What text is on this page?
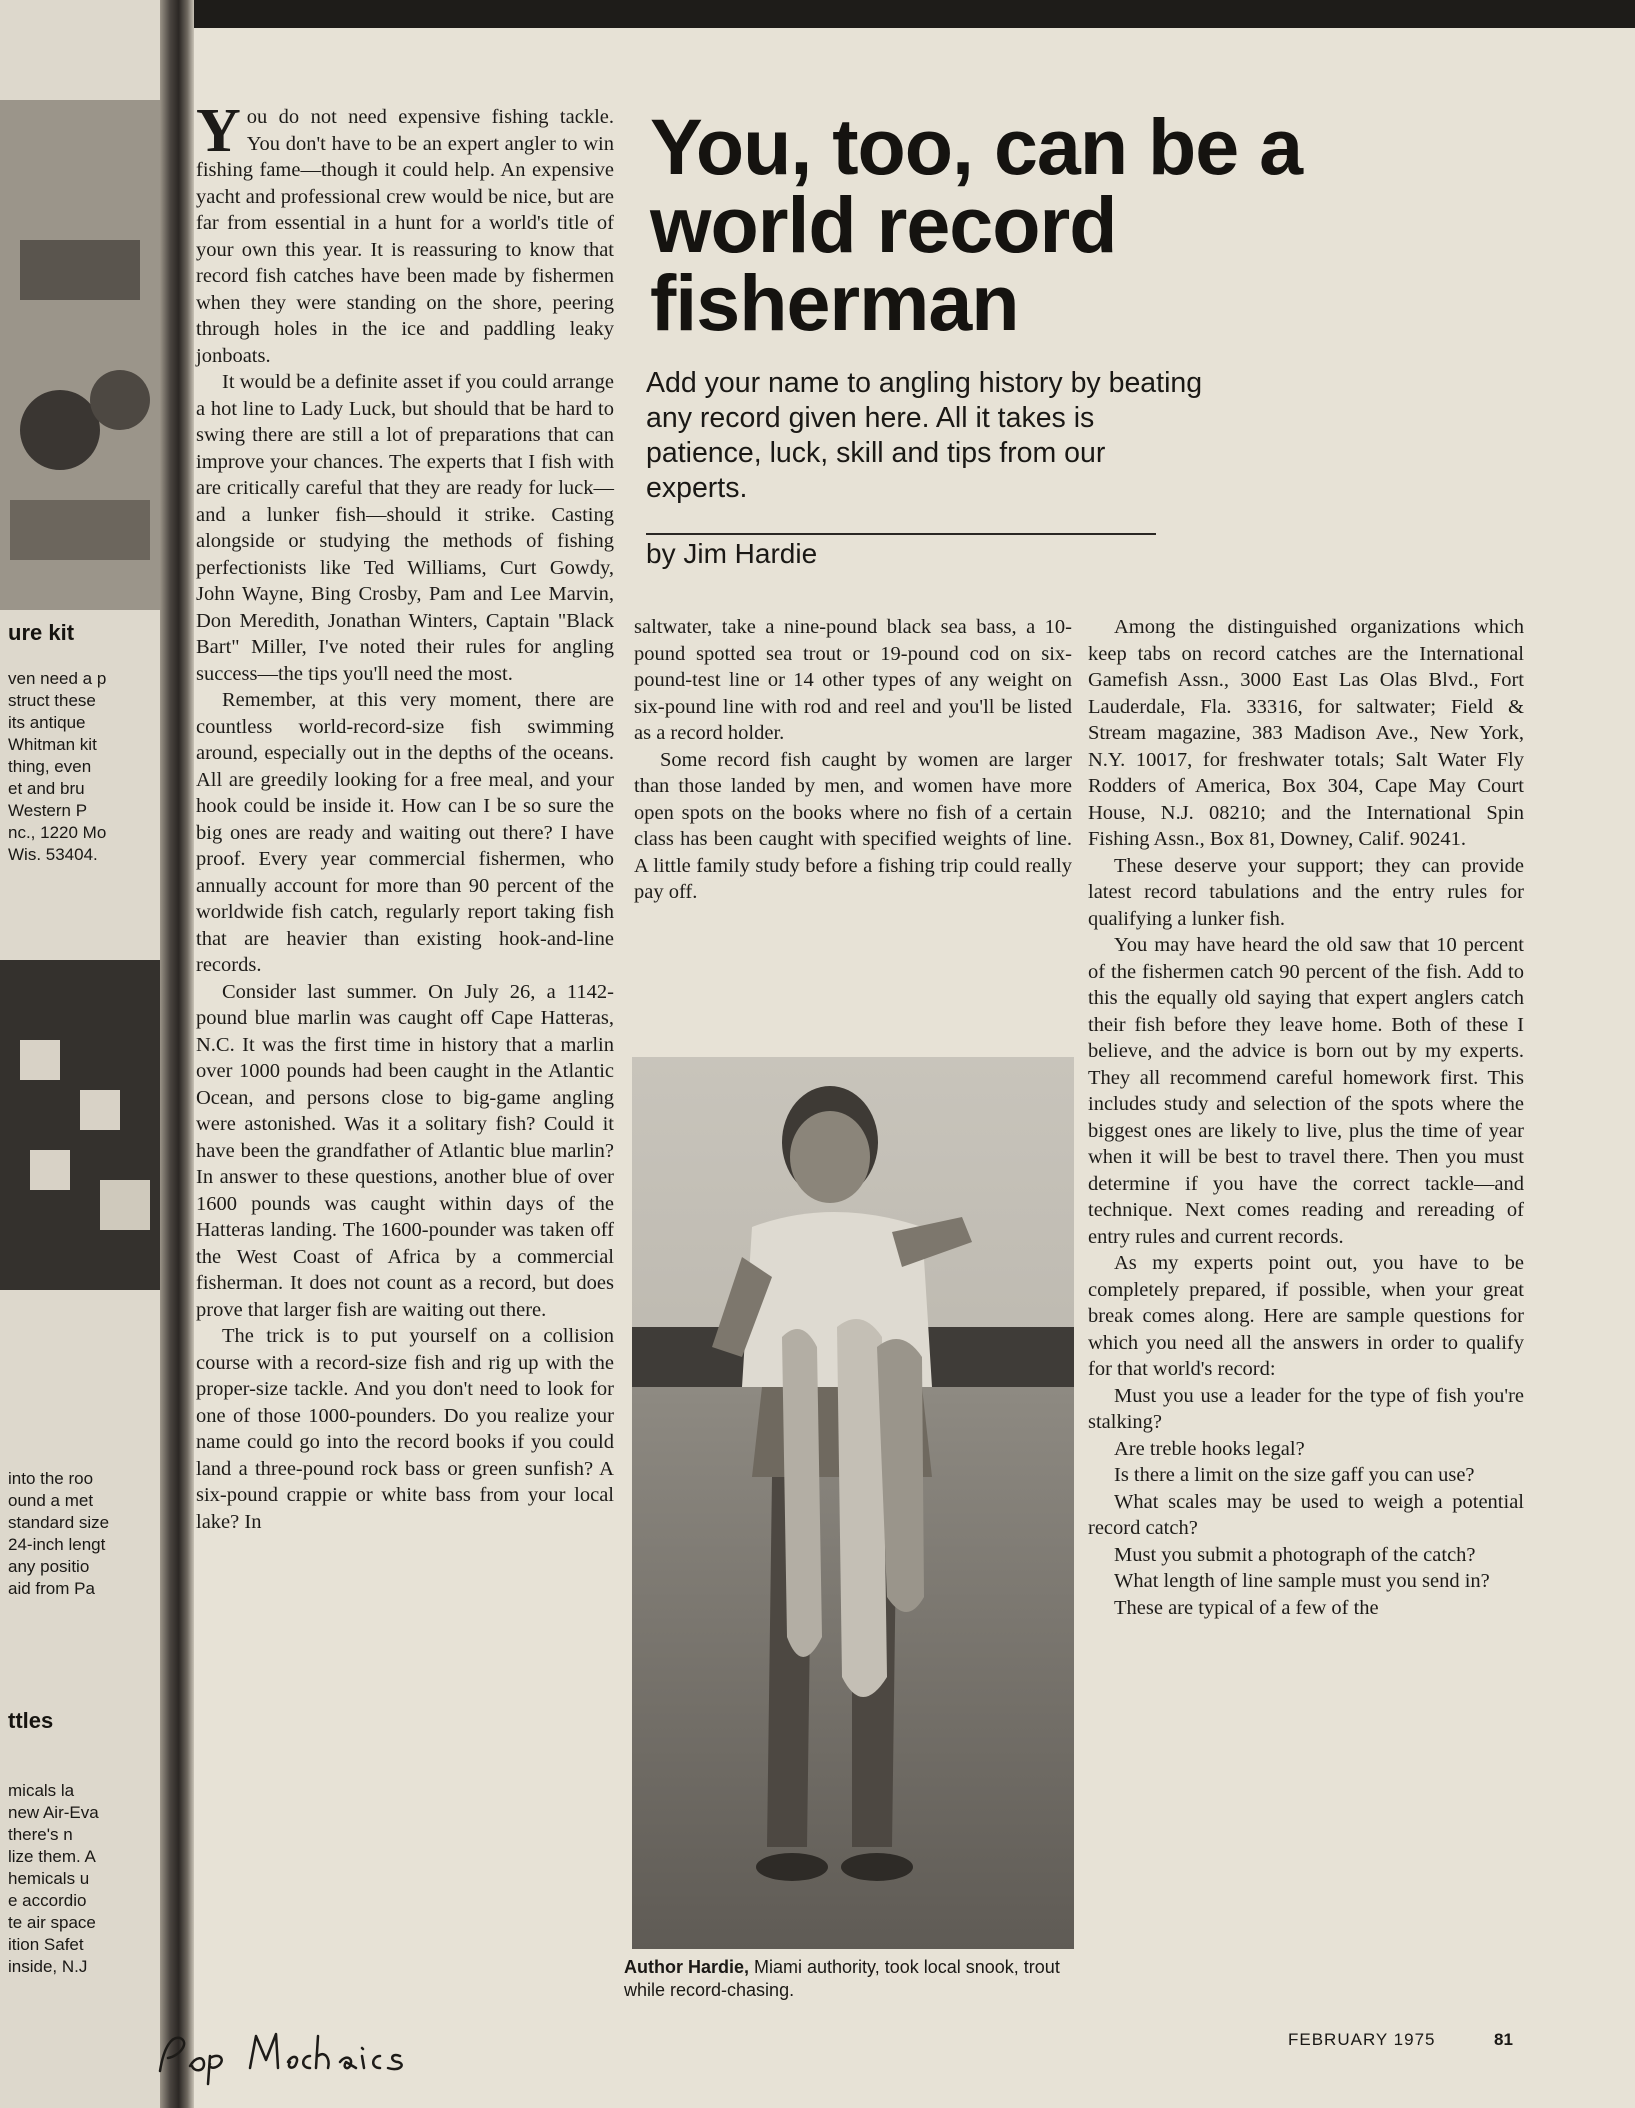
ure kit
ven need a p
struct these
its antique
Whitman kit
thing, even
et and bru
Western P
nc., 1220 Mo
Wis. 53404.
into the roo
ound a met
standard size
24-inch lengt
any positio
aid from Pa
ttles
micals la
new Air-Eva
there's n
lize them. A
hemicals u
e accordio
te air space
ition Safet
inside, N.J

You do not need expensive fishing tackle. You don't have to be an expert angler to win fishing fame—though it could help. An expensive yacht and professional crew would be nice, but are far from essential in a hunt for a world's title of your own this year. It is reassuring to know that record fish catches have been made by fishermen when they were standing on the shore, peering through holes in the ice and paddling leaky jonboats.

It would be a definite asset if you could arrange a hot line to Lady Luck, but should that be hard to swing there are still a lot of preparations that can improve your chances. The experts that I fish with are critically careful that they are ready for luck—and a lunker fish—should it strike. Casting alongside or studying the methods of fishing perfectionists like Ted Williams, Curt Gowdy, John Wayne, Bing Crosby, Pam and Lee Marvin, Don Meredith, Jonathan Winters, Captain "Black Bart" Miller, I've noted their rules for angling success—the tips you'll need the most.

Remember, at this very moment, there are countless world-record-size fish swimming around, especially out in the depths of the oceans. All are greedily looking for a free meal, and your hook could be inside it. How can I be so sure the big ones are ready and waiting out there? I have proof. Every year commercial fishermen, who annually account for more than 90 percent of the worldwide fish catch, regularly report taking fish that are heavier than existing hook-and-line records.

Consider last summer. On July 26, a 1142-pound blue marlin was caught off Cape Hatteras, N.C. It was the first time in history that a marlin over 1000 pounds had been caught in the Atlantic Ocean, and persons close to big-game angling were astonished. Was it a solitary fish? Could it have been the grandfather of Atlantic blue marlin? In answer to these questions, another blue of over 1600 pounds was caught within days of the Hatteras landing. The 1600-pounder was taken off the West Coast of Africa by a commercial fisherman. It does not count as a record, but does prove that larger fish are waiting out there.

The trick is to put yourself on a collision course with a record-size fish and rig up with the proper-size tackle. And you don't need to look for one of those 1000-pounders. Do you realize your name could go into the record books if you could land a three-pound rock bass or green sunfish? A six-pound crappie or white bass from your local lake? In

You, too, can be a world record fisherman
Add your name to angling history by beating any record given here. All it takes is patience, luck, skill and tips from our experts.
by Jim Hardie

saltwater, take a nine-pound black sea bass, a 10-pound spotted sea trout or 19-pound cod on six-pound-test line or 14 other types of any weight on six-pound line with rod and reel and you'll be listed as a record holder.

Some record fish caught by women are larger than those landed by men, and women have more open spots on the books where no fish of a certain class has been caught with specified weights of line. A little family study before a fishing trip could really pay off.

Author Hardie, Miami authority, took local snook, trout while record-chasing.

Among the distinguished organizations which keep tabs on record catches are the International Gamefish Assn., 3000 East Las Olas Blvd., Fort Lauderdale, Fla. 33316, for saltwater; Field & Stream magazine, 383 Madison Ave., New York, N.Y. 10017, for freshwater totals; Salt Water Fly Rodders of America, Box 304, Cape May Court House, N.J. 08210; and the International Spin Fishing Assn., Box 81, Downey, Calif. 90241.

These deserve your support; they can provide latest record tabulations and the entry rules for qualifying a lunker fish.

You may have heard the old saw that 10 percent of the fishermen catch 90 percent of the fish. Add to this the equally old saying that expert anglers catch their fish before they leave home. Both of these I believe, and the advice is born out by my experts. They all recommend careful homework first. This includes study and selection of the spots where the biggest ones are likely to live, plus the time of year when it will be best to travel there. Then you must determine if you have the correct tackle—and technique. Next comes reading and rereading of entry rules and current records.

As my experts point out, you have to be completely prepared, if possible, when your great break comes along. Here are sample questions for which you need all the answers in order to qualify for that world's record:

Must you use a leader for the type of fish you're stalking?

Are treble hooks legal?

Is there a limit on the size gaff you can use?

What scales may be used to weigh a potential record catch?

Must you submit a photograph of the catch?

What length of line sample must you send in?

These are typical of a few of the

FEBRUARY 1975	81
